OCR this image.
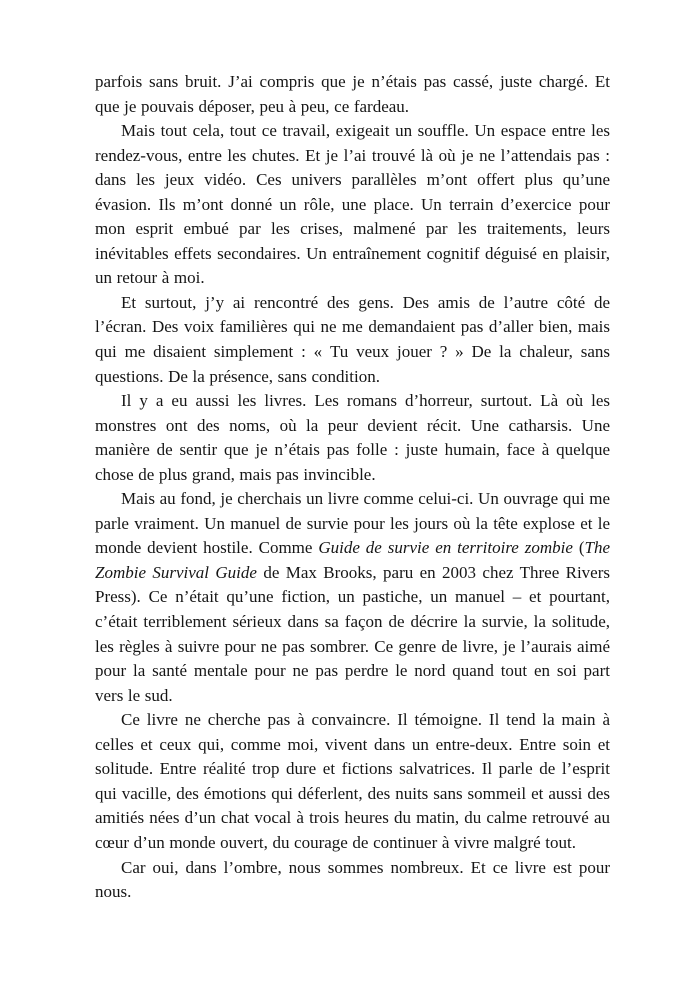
parfois sans bruit. J’ai compris que je n’étais pas cassé, juste chargé. Et que je pouvais déposer, peu à peu, ce fardeau.

Mais tout cela, tout ce travail, exigeait un souffle. Un espace entre les rendez-vous, entre les chutes. Et je l’ai trouvé là où je ne l’attendais pas : dans les jeux vidéo. Ces univers parallèles m’ont offert plus qu’une évasion. Ils m’ont donné un rôle, une place. Un terrain d’exercice pour mon esprit embué par les crises, malmené par les traitements, leurs inévitables effets secondaires. Un entraînement cognitif déguisé en plaisir, un retour à moi.

Et surtout, j’y ai rencontré des gens. Des amis de l’autre côté de l’écran. Des voix familières qui ne me demandaient pas d’aller bien, mais qui me disaient simplement : « Tu veux jouer ? » De la chaleur, sans questions. De la présence, sans condition.

Il y a eu aussi les livres. Les romans d’horreur, surtout. Là où les monstres ont des noms, où la peur devient récit. Une catharsis. Une manière de sentir que je n’étais pas folle : juste humain, face à quelque chose de plus grand, mais pas invincible.

Mais au fond, je cherchais un livre comme celui-ci. Un ouvrage qui me parle vraiment. Un manuel de survie pour les jours où la tête explose et le monde devient hostile. Comme Guide de survie en territoire zombie (The Zombie Survival Guide de Max Brooks, paru en 2003 chez Three Rivers Press). Ce n’était qu’une fiction, un pastiche, un manuel – et pourtant, c’était terriblement sérieux dans sa façon de décrire la survie, la solitude, les règles à suivre pour ne pas sombrer. Ce genre de livre, je l’aurais aimé pour la santé mentale pour ne pas perdre le nord quand tout en soi part vers le sud.

Ce livre ne cherche pas à convaincre. Il témoigne. Il tend la main à celles et ceux qui, comme moi, vivent dans un entre-deux. Entre soin et solitude. Entre réalité trop dure et fictions salvatrices. Il parle de l’esprit qui vacille, des émotions qui déferlent, des nuits sans sommeil et aussi des amitiés nées d’un chat vocal à trois heures du matin, du calme retrouvé au cœur d’un monde ouvert, du courage de continuer à vivre malgré tout.

Car oui, dans l’ombre, nous sommes nombreux. Et ce livre est pour nous.
